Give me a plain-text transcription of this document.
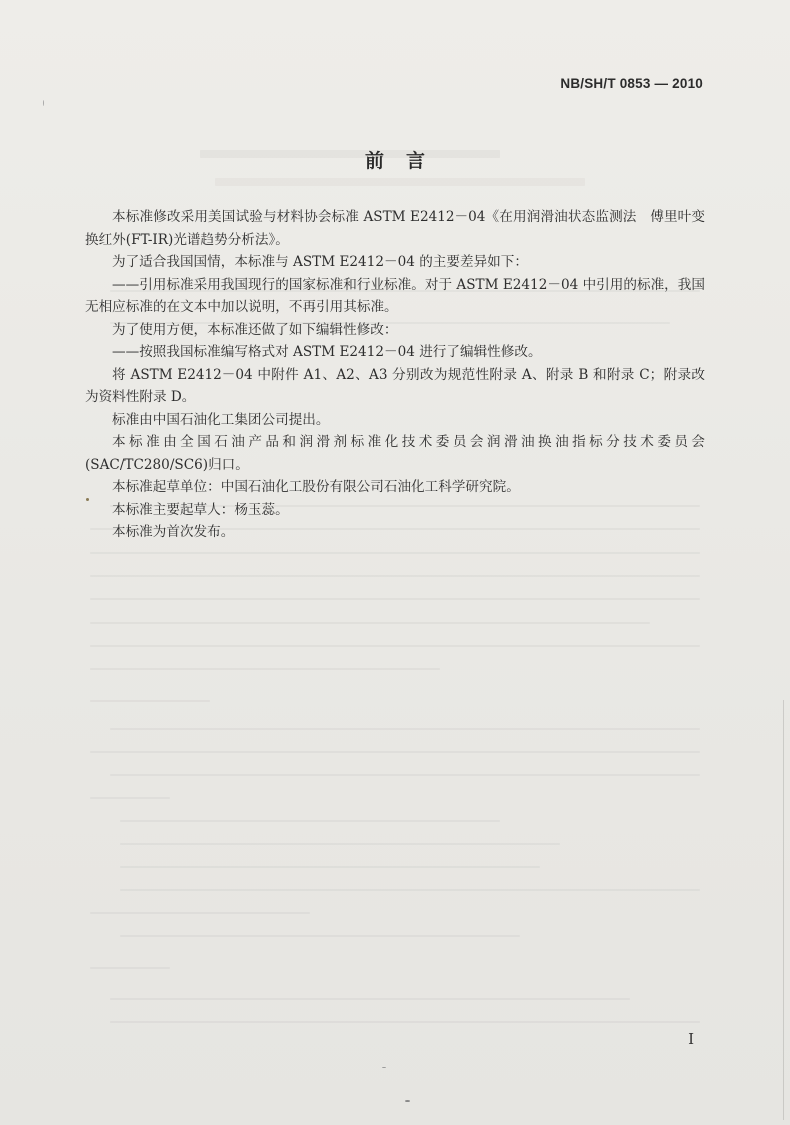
NB/SH/T 0853 — 2010
前言

本标准修改采用美国试验与材料协会标准 ASTM E2412－04《在用润滑油状态监测法　傅里叶变换红外(FT-IR)光谱趋势分析法》。

为了适合我国国情，本标准与 ASTM E2412－04 的主要差异如下：

——引用标准采用我国现行的国家标准和行业标准。对于 ASTM E2412－04 中引用的标准，我国无相应标准的在文本中加以说明，不再引用其标准。

为了使用方便，本标准还做了如下编辑性修改：

——按照我国标准编写格式对 ASTM E2412－04 进行了编辑性修改。

将 ASTM E2412－04 中附件 A1、A2、A3 分别改为规范性附录 A、附录 B 和附录 C；附录改为资料性附录 D。

标准由中国石油化工集团公司提出。

本标准由全国石油产品和润滑剂标准化技术委员会润滑油换油指标分技术委员会(SAC/TC280/SC6)归口。

本标准起草单位：中国石油化工股份有限公司石油化工科学研究院。

本标准主要起草人：杨玉蕊。

本标准为首次发布。

I
